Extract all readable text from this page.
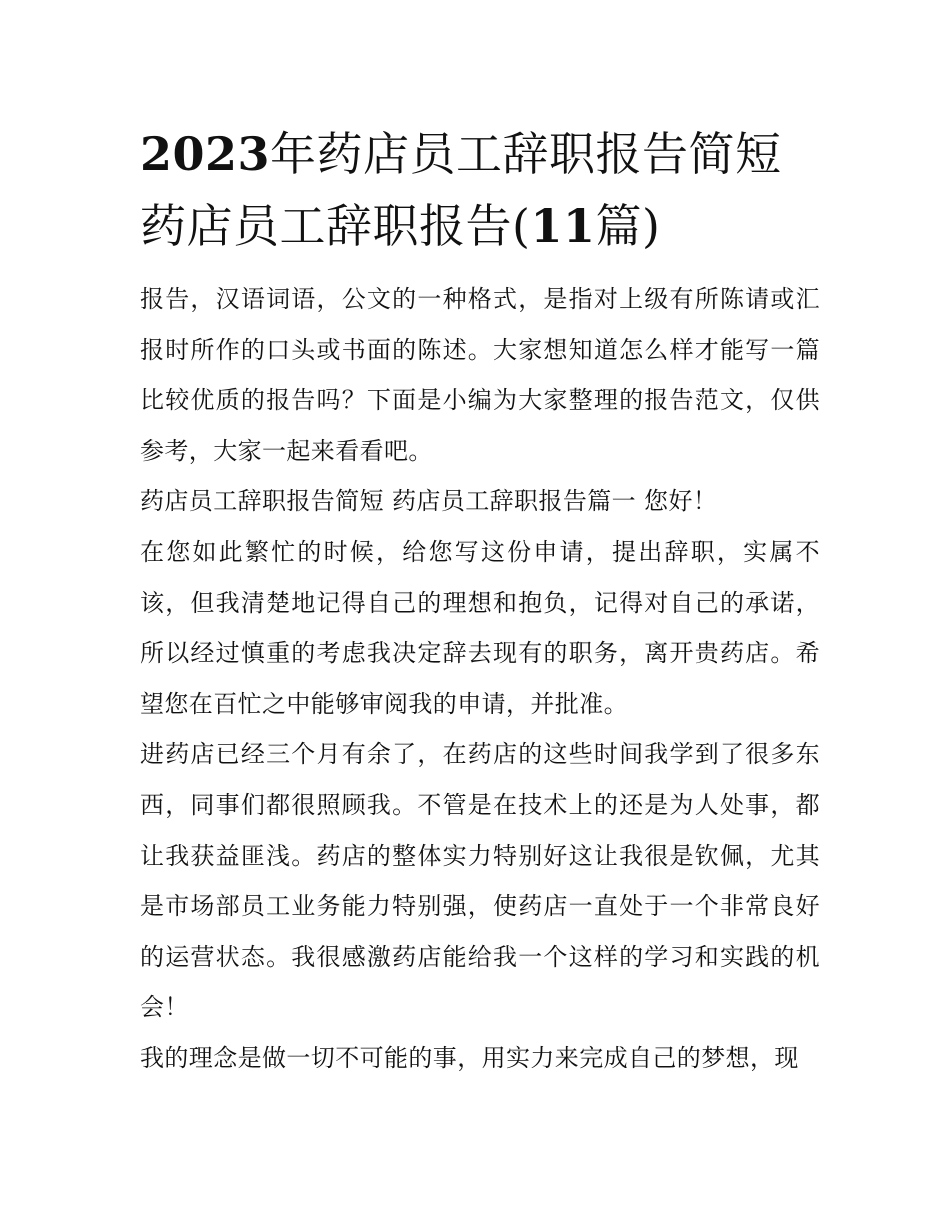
2023年药店员工辞职报告简短药店员工辞职报告(11篇)

报告，汉语词语，公文的一种格式，是指对上级有所陈请或汇报时所作的口头或书面的陈述。大家想知道怎么样才能写一篇比较优质的报告吗？下面是小编为大家整理的报告范文，仅供参考，大家一起来看看吧。

药店员工辞职报告简短 药店员工辞职报告篇一 您好！

在您如此繁忙的时候，给您写这份申请，提出辞职，实属不该，但我清楚地记得自己的理想和抱负，记得对自己的承诺，所以经过慎重的考虑我决定辞去现有的职务，离开贵药店。希望您在百忙之中能够审阅我的申请，并批准。

进药店已经三个月有余了，在药店的这些时间我学到了很多东西，同事们都很照顾我。不管是在技术上的还是为人处事，都让我获益匪浅。药店的整体实力特别好这让我很是钦佩，尤其是市场部员工业务能力特别强，使药店一直处于一个非常良好的运营状态。我很感激药店能给我一个这样的学习和实践的机会！

我的理念是做一切不可能的事，用实力来完成自己的梦想，现
